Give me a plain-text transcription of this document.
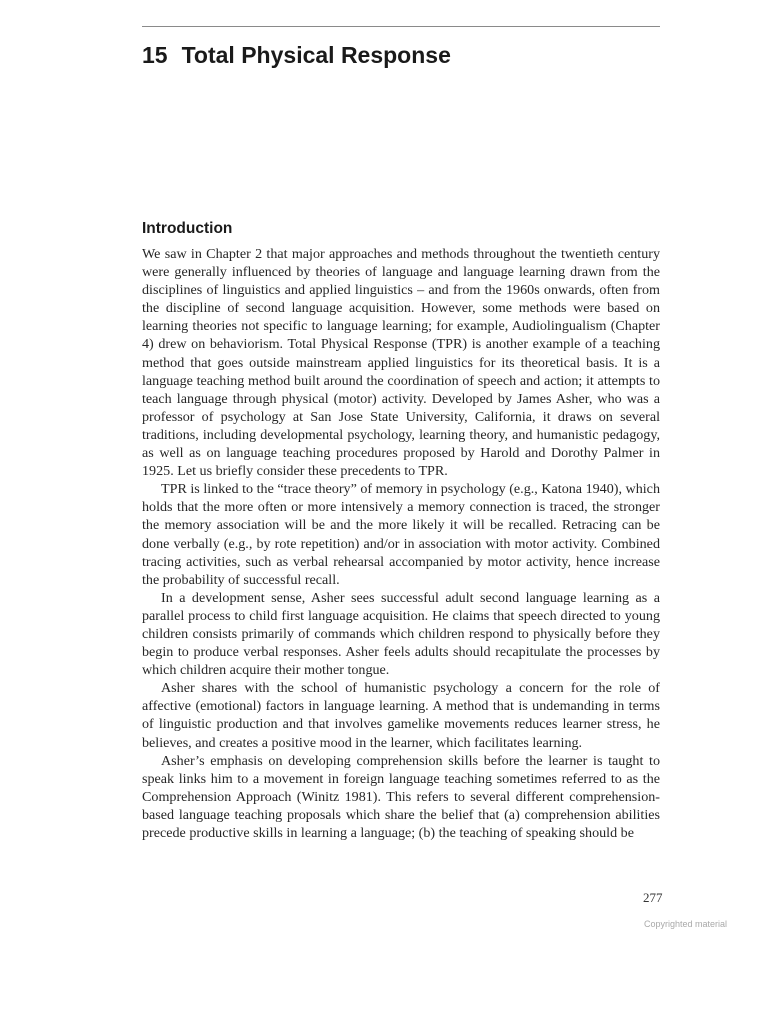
15 Total Physical Response
Introduction

We saw in Chapter 2 that major approaches and methods throughout the twentieth century were generally influenced by theories of language and language learning drawn from the disciplines of linguistics and applied linguistics – and from the 1960s onwards, often from the discipline of second language acquisition. However, some methods were based on learning theories not specific to language learning; for example, Audiolingualism (Chapter 4) drew on behaviorism. Total Physical Response (TPR) is another example of a teaching method that goes outside mainstream applied linguistics for its theoretical basis. It is a language teaching method built around the coordination of speech and action; it attempts to teach language through physical (motor) activity. Developed by James Asher, who was a professor of psychology at San Jose State University, California, it draws on several traditions, including developmental psychology, learning theory, and humanistic pedagogy, as well as on language teaching procedures proposed by Harold and Dorothy Palmer in 1925. Let us briefly consider these precedents to TPR.

TPR is linked to the “trace theory” of memory in psychology (e.g., Katona 1940), which holds that the more often or more intensively a memory connection is traced, the stronger the memory association will be and the more likely it will be recalled. Retracing can be done verbally (e.g., by rote repetition) and/or in association with motor activity. Combined tracing activities, such as verbal rehearsal accompanied by motor activity, hence increase the probability of successful recall.

In a development sense, Asher sees successful adult second language learning as a parallel process to child first language acquisition. He claims that speech directed to young children consists primarily of commands which children respond to physically before they begin to produce verbal responses. Asher feels adults should recapitulate the processes by which children acquire their mother tongue.

Asher shares with the school of humanistic psychology a concern for the role of affective (emotional) factors in language learning. A method that is undemanding in terms of linguistic production and that involves gamelike movements reduces learner stress, he believes, and creates a positive mood in the learner, which facilitates learning.

Asher’s emphasis on developing comprehension skills before the learner is taught to speak links him to a movement in foreign language teaching sometimes referred to as the Comprehension Approach (Winitz 1981). This refers to several different comprehension-based language teaching proposals which share the belief that (a) comprehension abilities precede productive skills in learning a language; (b) the teaching of speaking should be

277
Copyrighted material
